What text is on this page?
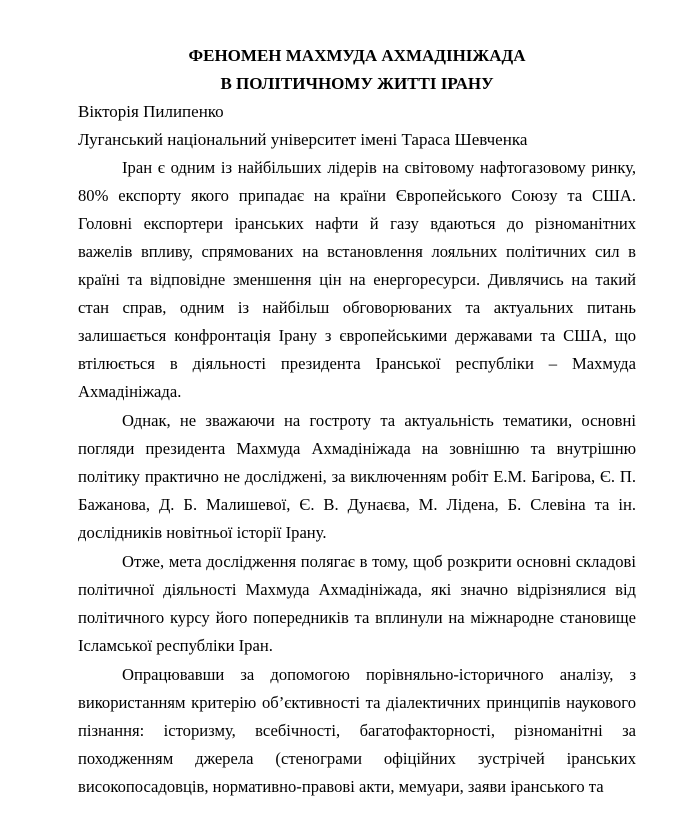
ФЕНОМЕН МАХМУДА АХМАДІНІЖАДА
В ПОЛІТИЧНОМУ ЖИТТІ ІРАНУ

Вікторія Пилипенко

Луганський національний університет імені Тараса Шевченка

Іран є одним із найбільших лідерів на світовому нафтогазовому ринку, 80% експорту якого припадає на країни Європейського Союзу та США. Головні експортери іранських нафти й газу вдаються до різноманітних важелів впливу, спрямованих на встановлення лояльних політичних сил в країні та відповідне зменшення цін на енергоресурси. Дивлячись на такий стан справ, одним із найбільш обговорюваних та актуальних питань залишається конфронтація Ірану з європейськими державами та США, що втілюється в діяльності президента Іранської республіки – Махмуда Ахмадініжада.

Однак, не зважаючи на гостроту та актуальність тематики, основні погляди президента Махмуда Ахмадініжада на зовнішню та внутрішню політику практично не досліджені, за виключенням робіт Е.М. Багірова, Є. П. Бажанова, Д. Б. Малишевої, Є. В. Дунаєва, М. Лідена, Б. Слевіна та ін. дослідників новітньої історії Ірану.

Отже, мета дослідження полягає в тому, щоб розкрити основні складові політичної діяльності Махмуда Ахмадініжада, які значно відрізнялися від політичного курсу його попередників та вплинули на міжнародне становище Ісламської республіки Іран.

Опрацювавши за допомогою порівняльно-історичного аналізу, з використанням критерію об’єктивності та діалектичних принципів наукового пізнання: історизму, всебічності, багатофакторності, різноманітні за походженням джерела (стенограми офіційних зустрічей іранських високопосадовців, нормативно-правові акти, мемуари, заяви іранського та
